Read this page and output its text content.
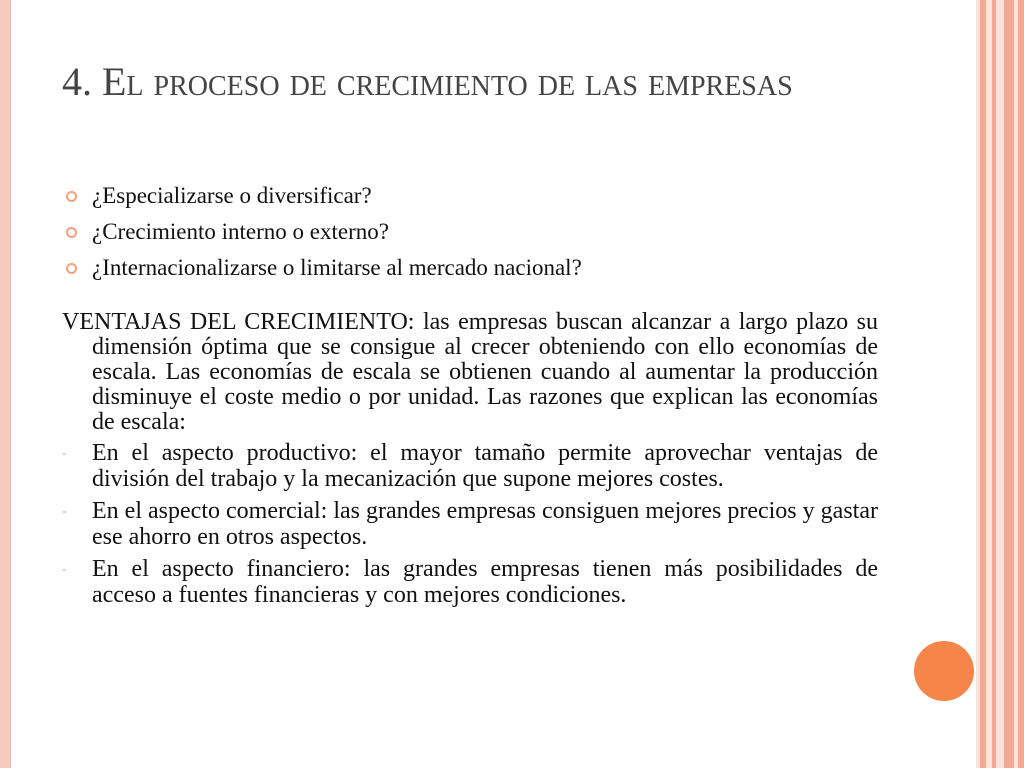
4. El proceso de crecimiento de las empresas
¿Especializarse o diversificar?
¿Crecimiento interno o externo?
¿Internacionalizarse o limitarse al mercado nacional?

VENTAJAS DEL CRECIMIENTO: las empresas buscan alcanzar a largo plazo su dimensión óptima que se consigue al crecer obteniendo con ello economías de escala. Las economías de escala se obtienen cuando al aumentar la producción disminuye el coste medio o por unidad. Las razones que explican las economías de escala:

- En el aspecto productivo: el mayor tamaño permite aprovechar ventajas de división del trabajo y la mecanización que supone mejores costes.
- En el aspecto comercial: las grandes empresas consiguen mejores precios y gastar ese ahorro en otros aspectos.
- En el aspecto financiero: las grandes empresas tienen más posibilidades de acceso a fuentes financieras y con mejores condiciones.
